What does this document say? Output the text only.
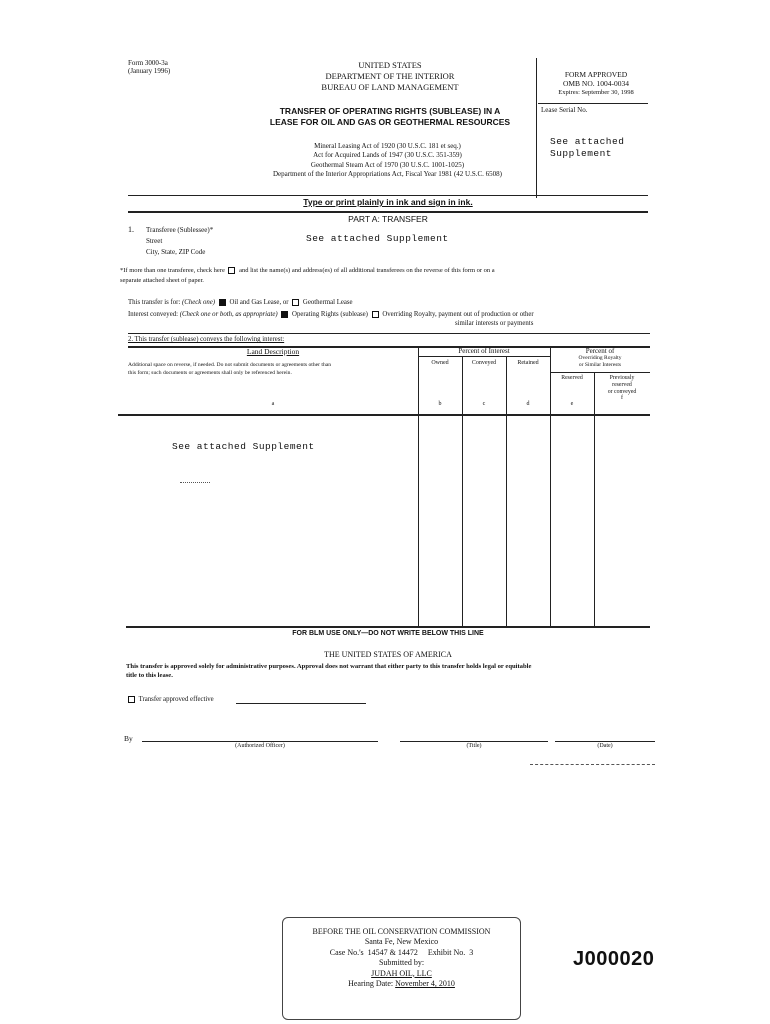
Form 3000-3a
(January 1996)
UNITED STATES
DEPARTMENT OF THE INTERIOR
BUREAU OF LAND MANAGEMENT
FORM APPROVED
OMB NO. 1004-0034
Expires: September 30, 1998
Lease Serial No.
See attached
Supplement
TRANSFER OF OPERATING RIGHTS (SUBLEASE) IN A
LEASE FOR OIL AND GAS OR GEOTHERMAL RESOURCES
Mineral Leasing Act of 1920 (30 U.S.C. 181 et seq.)
Act for Acquired Lands of 1947 (30 U.S.C. 351-359)
Geothermal Steam Act of 1970 (30 U.S.C. 1001-1025)
Department of the Interior Appropriations Act, Fiscal Year 1981 (42 U.S.C. 6508)
Type or print plainly in ink and sign in ink.
PART A: TRANSFER
1. Transferee (Sublessee)*
Street
City, State, ZIP Code
See attached Supplement
*If more than one transferee, check here and list the name(s) and address(es) of all additional transferees on the reverse of this form or on a
separate attached sheet of paper.
This transfer is for: (Check one) Oil and Gas Lease, or Geothermal Lease
Interest conveyed: (Check one or both, as appropriate) Operating Rights (sublease) Overriding Royalty, payment out of production or other
similar interests or payments
2. This transfer (sublease) conveys the following interest:
Land Description
Additional space on reverse, if needed. Do not submit documents or agreements other than
this form; such documents or agreements shall only be referenced herein.
Percent of Interest
Owned	Conveyed	Retained
Percent of
Overriding Royalty
or Similar Interests
Reserved	Previously
reserved
or conveyed
a	b	c	d	e
f
See attached Supplement
FOR BLM USE ONLY—DO NOT WRITE BELOW THIS LINE
THE UNITED STATES OF AMERICA
This transfer is approved solely for administrative purposes. Approval does not warrant that either party to this transfer holds legal or equitable
title to this lease.
Transfer approved effective
By
(Authorized Officer)	(Title)	(Date)
BEFORE THE OIL CONSERVATION COMMISSION
Santa Fe, New Mexico
Case No.'s  14547 & 14472     Exhibit No.  3
Submitted by:
JUDAH OIL, LLC
Hearing Date: November 4, 2010
J000020
